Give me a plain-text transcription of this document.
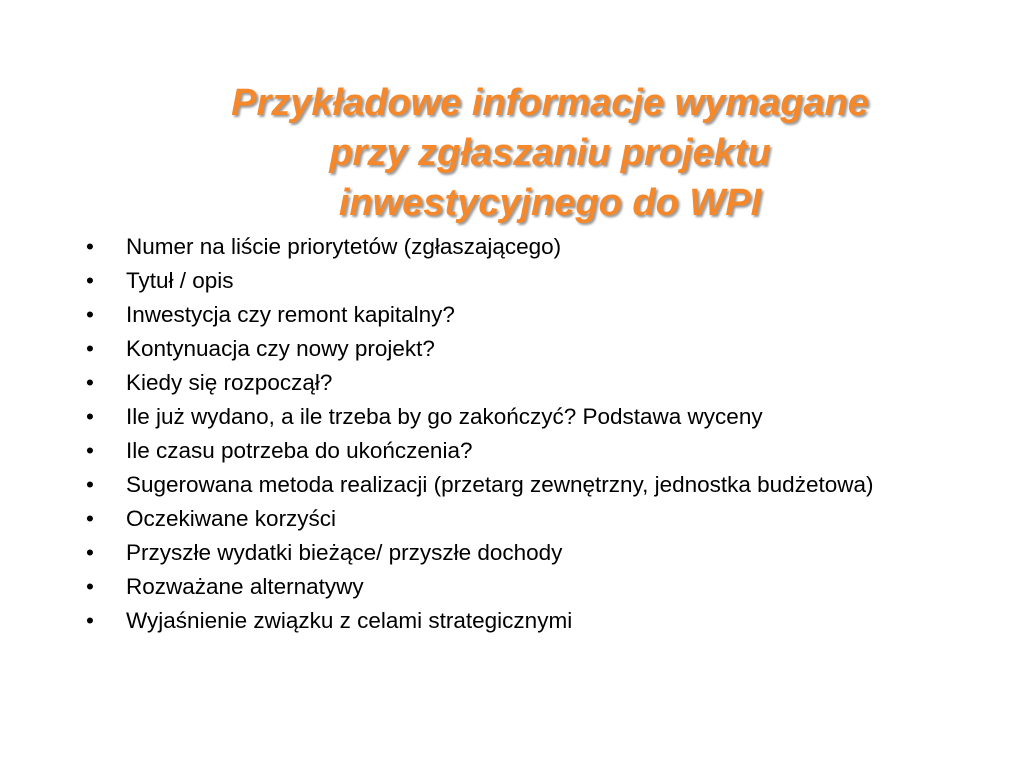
Przykładowe informacje wymagane
przy zgłaszaniu projektu
inwestycyjnego do WPI
•	Numer na liście priorytetów (zgłaszającego)
•	Tytuł / opis
•	Inwestycja czy remont kapitalny?
•	Kontynuacja czy nowy projekt?
•	Kiedy się rozpoczął?
•	Ile już wydano, a ile trzeba by go zakończyć? Podstawa wyceny
•	Ile czasu potrzeba do ukończenia?
•	Sugerowana metoda realizacji (przetarg zewnętrzny, jednostka budżetowa)
•	Oczekiwane korzyści
•	Przyszłe wydatki bieżące/ przyszłe dochody
•	Rozważane alternatywy
•	Wyjaśnienie związku z celami strategicznymi
